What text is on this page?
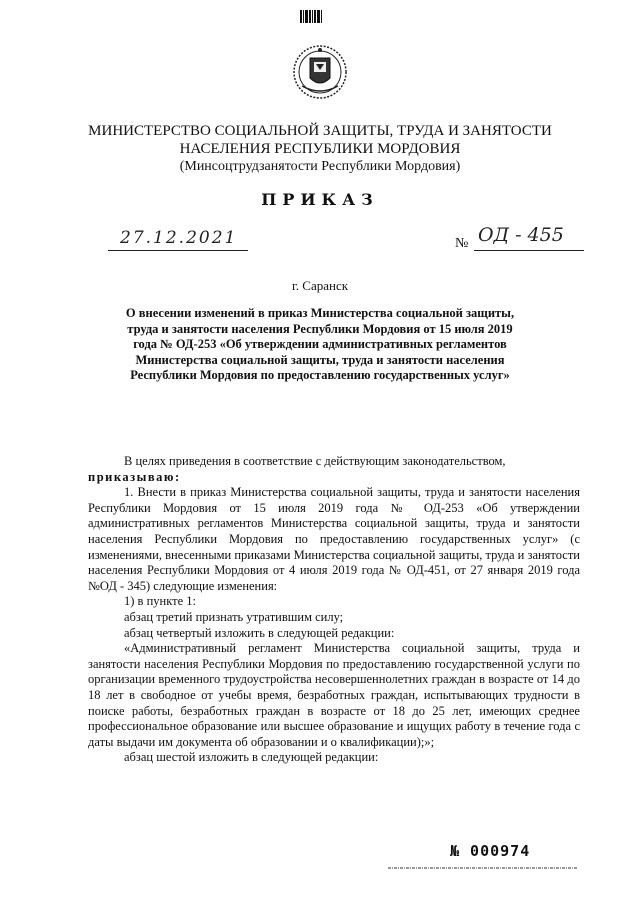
МИНИСТЕРСТВО СОЦИАЛЬНОЙ ЗАЩИТЫ, ТРУДА И ЗАНЯТОСТИ
НАСЕЛЕНИЯ РЕСПУБЛИКИ МОРДОВИЯ
(Минсоцтрудзанятости Республики Мордовия)
ПРИКАЗ
27.12.2021	№ ОД - 455
г. Саранск
О внесении изменений в приказ Министерства социальной защиты,
труда и занятости населения Республики Мордовия от 15 июля 2019
года № ОД-253 «Об утверждении административных регламентов
Министерства социальной защиты, труда и занятости населения
Республики Мордовия по предоставлению государственных услуг»

В целях приведения в соответствие с действующим законодательством,

приказываю:

1. Внести в приказ Министерства социальной защиты, труда и занятости населения Республики Мордовия от 15 июля 2019 года № ОД-253 «Об утверждении административных регламентов Министерства социальной защиты, труда и занятости населения Республики Мордовия по предоставлению государственных услуг» (с изменениями, внесенными приказами Министерства социальной защиты, труда и занятости населения Республики Мордовия от 4 июля 2019 года № ОД-451, от 27 января 2019 года №ОД - 345) следующие изменения:

1) в пункте 1:

абзац третий признать утратившим силу;

абзац четвертый изложить в следующей редакции:

«Административный регламент Министерства социальной защиты, труда и занятости населения Республики Мордовия по предоставлению государственной услуги по организации временного трудоустройства несовершеннолетних граждан в возрасте от 14 до 18 лет в свободное от учебы время, безработных граждан, испытывающих трудности в поиске работы, безработных граждан в возрасте от 18 до 25 лет, имеющих среднее профессиональное образование или высшее образование и ищущих работу в течение года с даты выдачи им документа об образовании и о квалификации);»;

абзац шестой изложить в следующей редакции:

№ 000974
